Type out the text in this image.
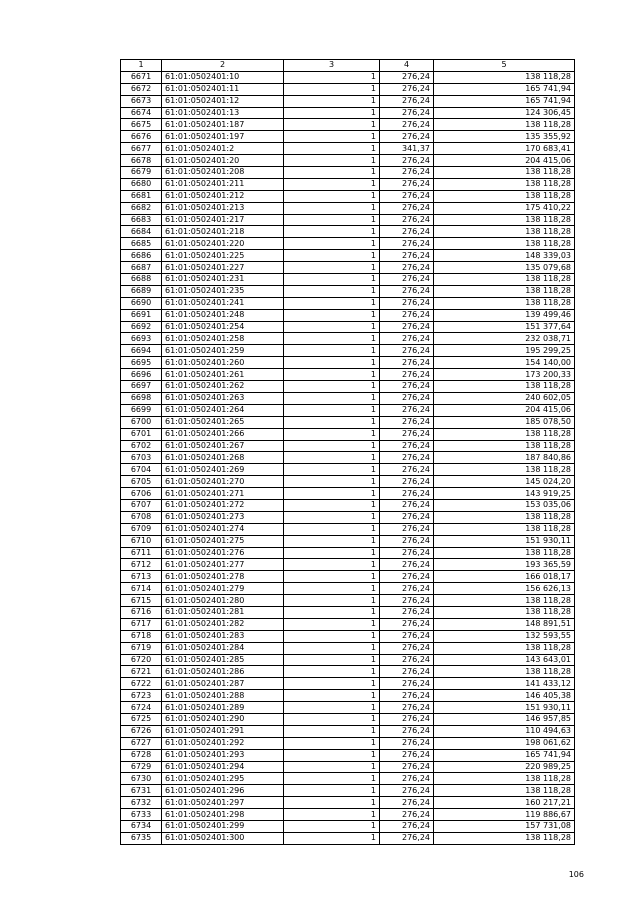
1	2	3	4	5
6671	61:01:0502401:10	1	276,24	138 118,28
6672	61:01:0502401:11	1	276,24	165 741,94
6673	61:01:0502401:12	1	276,24	165 741,94
6674	61:01:0502401:13	1	276,24	124 306,45
6675	61:01:0502401:187	1	276,24	138 118,28
6676	61:01:0502401:197	1	276,24	135 355,92
6677	61:01:0502401:2	1	341,37	170 683,41
6678	61:01:0502401:20	1	276,24	204 415,06
6679	61:01:0502401:208	1	276,24	138 118,28
6680	61:01:0502401:211	1	276,24	138 118,28
6681	61:01:0502401:212	1	276,24	138 118,28
6682	61:01:0502401:213	1	276,24	175 410,22
6683	61:01:0502401:217	1	276,24	138 118,28
6684	61:01:0502401:218	1	276,24	138 118,28
6685	61:01:0502401:220	1	276,24	138 118,28
6686	61:01:0502401:225	1	276,24	148 339,03
6687	61:01:0502401:227	1	276,24	135 079,68
6688	61:01:0502401:231	1	276,24	138 118,28
6689	61:01:0502401:235	1	276,24	138 118,28
6690	61:01:0502401:241	1	276,24	138 118,28
6691	61:01:0502401:248	1	276,24	139 499,46
6692	61:01:0502401:254	1	276,24	151 377,64
6693	61:01:0502401:258	1	276,24	232 038,71
6694	61:01:0502401:259	1	276,24	195 299,25
6695	61:01:0502401:260	1	276,24	154 140,00
6696	61:01:0502401:261	1	276,24	173 200,33
6697	61:01:0502401:262	1	276,24	138 118,28
6698	61:01:0502401:263	1	276,24	240 602,05
6699	61:01:0502401:264	1	276,24	204 415,06
6700	61:01:0502401:265	1	276,24	185 078,50
6701	61:01:0502401:266	1	276,24	138 118,28
6702	61:01:0502401:267	1	276,24	138 118,28
6703	61:01:0502401:268	1	276,24	187 840,86
6704	61:01:0502401:269	1	276,24	138 118,28
6705	61:01:0502401:270	1	276,24	145 024,20
6706	61:01:0502401:271	1	276,24	143 919,25
6707	61:01:0502401:272	1	276,24	153 035,06
6708	61:01:0502401:273	1	276,24	138 118,28
6709	61:01:0502401:274	1	276,24	138 118,28
6710	61:01:0502401:275	1	276,24	151 930,11
6711	61:01:0502401:276	1	276,24	138 118,28
6712	61:01:0502401:277	1	276,24	193 365,59
6713	61:01:0502401:278	1	276,24	166 018,17
6714	61:01:0502401:279	1	276,24	156 626,13
6715	61:01:0502401:280	1	276,24	138 118,28
6716	61:01:0502401:281	1	276,24	138 118,28
6717	61:01:0502401:282	1	276,24	148 891,51
6718	61:01:0502401:283	1	276,24	132 593,55
6719	61:01:0502401:284	1	276,24	138 118,28
6720	61:01:0502401:285	1	276,24	143 643,01
6721	61:01:0502401:286	1	276,24	138 118,28
6722	61:01:0502401:287	1	276,24	141 433,12
6723	61:01:0502401:288	1	276,24	146 405,38
6724	61:01:0502401:289	1	276,24	151 930,11
6725	61:01:0502401:290	1	276,24	146 957,85
6726	61:01:0502401:291	1	276,24	110 494,63
6727	61:01:0502401:292	1	276,24	198 061,62
6728	61:01:0502401:293	1	276,24	165 741,94
6729	61:01:0502401:294	1	276,24	220 989,25
6730	61:01:0502401:295	1	276,24	138 118,28
6731	61:01:0502401:296	1	276,24	138 118,28
6732	61:01:0502401:297	1	276,24	160 217,21
6733	61:01:0502401:298	1	276,24	119 886,67
6734	61:01:0502401:299	1	276,24	157 731,08
6735	61:01:0502401:300	1	276,24	138 118,28
106
